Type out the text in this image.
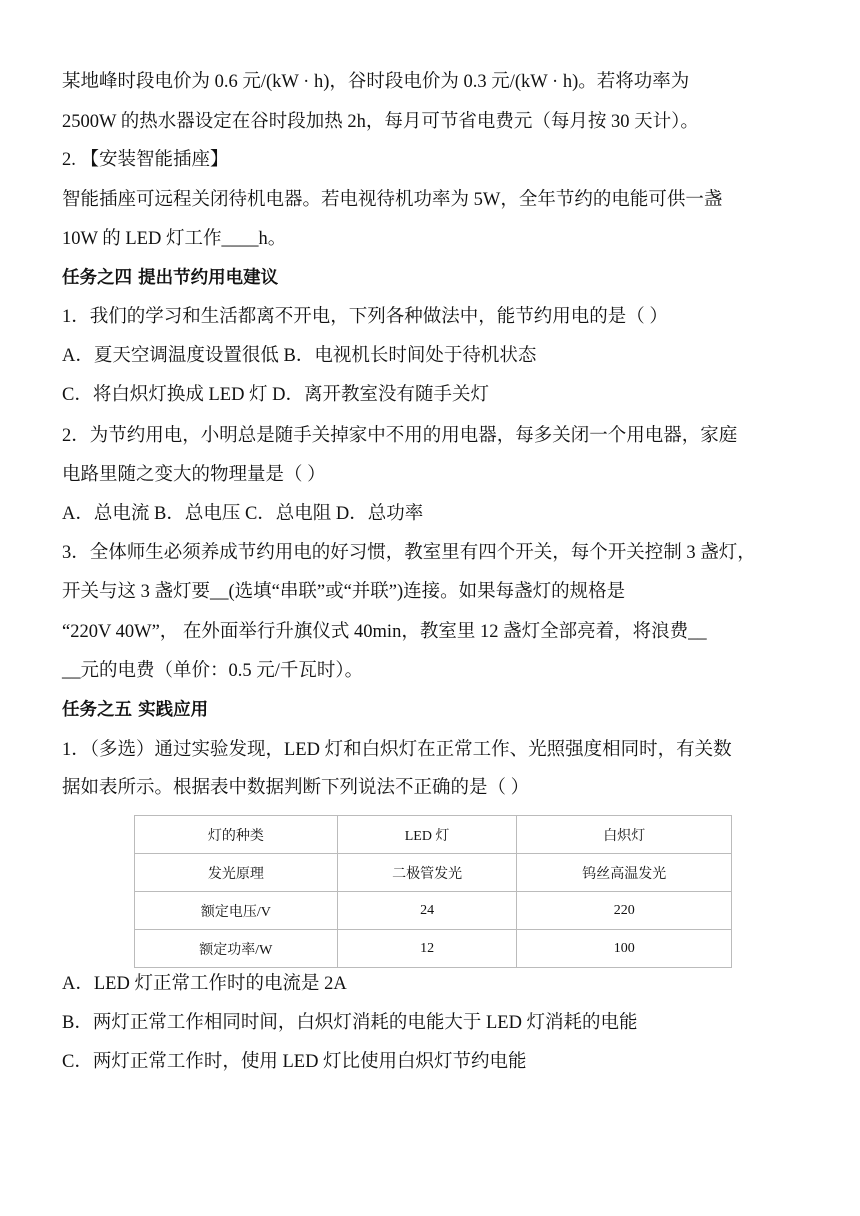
某地峰时段电价为 0.6 元/(kW · h)，谷时段电价为 0.3 元/(kW · h)。若将功率为
2500W 的热水器设定在谷时段加热 2h，每月可节省电费元（每月按 30 天计）。
2. 【安装智能插座】
智能插座可远程关闭待机电器。若电视待机功率为 5W，全年节约的电能可供一盏
10W 的 LED 灯工作____h。
任务之四 提出节约用电建议
1．我们的学习和生活都离不开电，下列各种做法中，能节约用电的是（ ）
A．夏天空调温度设置很低 B．电视机长时间处于待机状态
C．将白炽灯换成 LED 灯 D．离开教室没有随手关灯
2．为节约用电，小明总是随手关掉家中不用的用电器，每多关闭一个用电器，家庭
电路里随之变大的物理量是（ ）
A．总电流 B．总电压 C．总电阻 D．总功率
3．全体师生必须养成节约用电的好习惯，教室里有四个开关，每个开关控制 3 盏灯，
开关与这 3 盏灯要__(选填“串联”或“并联”)连接。如果每盏灯的规格是
“220V 40W”， 在外面举行升旗仪式 40min，教室里 12 盏灯全部亮着，将浪费__
__元的电费（单价：0.5 元/千瓦时）。
任务之五 实践应用
1．（多选）通过实验发现，LED 灯和白炽灯在正常工作、光照强度相同时，有关数
据如表所示。根据表中数据判断下列说法不正确的是（ ）
灯的种类	LED 灯	白炽灯
发光原理	二极管发光	钨丝高温发光
额定电压/V	24	220
额定功率/W	12	100
A．LED 灯正常工作时的电流是 2A
B．两灯正常工作相同时间，白炽灯消耗的电能大于 LED 灯消耗的电能
C．两灯正常工作时，使用 LED 灯比使用白炽灯节约电能
